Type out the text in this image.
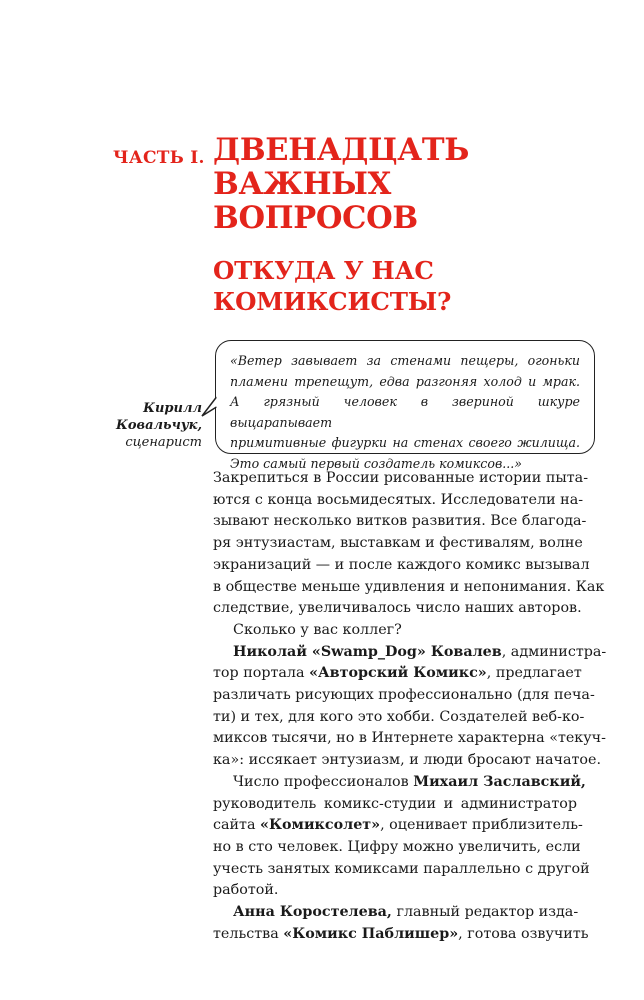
ЧАСТЬ I. ДВЕНАДЦАТЬ
ВАЖНЫХ
ВОПРОСОВ
ОТКУДА У НАС
КОМИКСИСТЫ?

«Ветер завывает за стенами пещеры, огоньки
пламени трепещут, едва разгоняя холод и мрак.
А грязный человек в звериной шкуре выцарапывает
примитивные фигурки на стенах своего жилища.
Это самый первый создатель комиксов...»

Кирилл
Ковальчук,
сценарист

Закрепиться в России рисованные истории пыта-
ются с конца восьмидесятых. Исследователи на-
зывают несколько витков развития. Все благода-
ря энтузиастам, выставкам и фестивалям, волне
экранизаций — и после каждого комикс вызывал
в обществе меньше удивления и непонимания. Как
следствие, увеличивалось число наших авторов.

Сколько у вас коллег?

Николай «Swamp_Dog» Ковалев, администра-
тор портала «Авторский Комикс», предлагает
различать рисующих профессионально (для печа-
ти) и тех, для кого это хобби. Создателей веб-ко-
миксов тысячи, но в Интернете характерна «текуч-
ка»: иссякает энтузиазм, и люди бросают начатое.

Число профессионалов Михаил Заславский,
руководитель комикс-студии и администратор
сайта «Комиксолет», оценивает приблизитель-
но в сто человек. Цифру можно увеличить, если
учесть занятых комиксами параллельно с другой
работой.

Анна Коростелева, главный редактор изда-
тельства «Комикс Паблишер», готова озвучить
